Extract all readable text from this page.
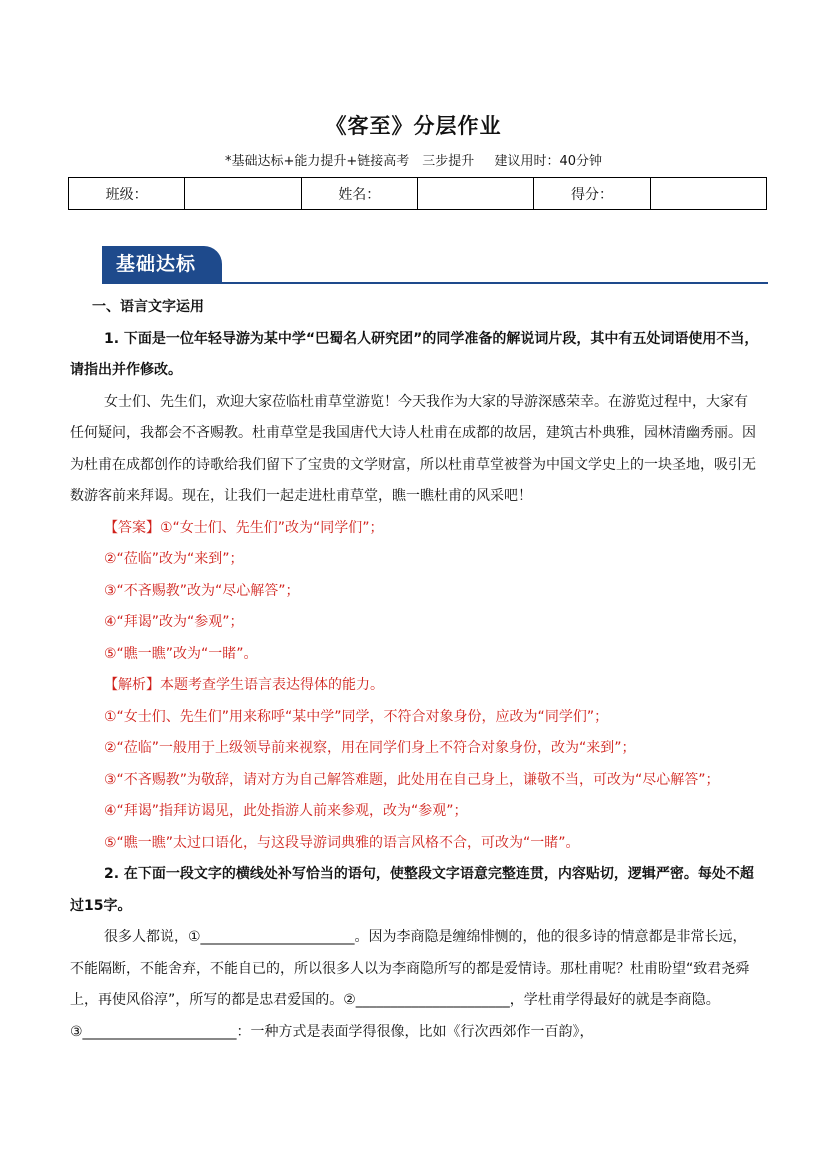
《客至》分层作业
*基础达标+能力提升+链接高考　三步提升 建议用时：40分钟
班级：		姓名：		得分：	
基础达标

一、语言文字运用

1. 下面是一位年轻导游为某中学“巴蜀名人研究团”的同学准备的解说词片段，其中有五处词语使用不当，请指出并作修改。

女士们、先生们，欢迎大家莅临杜甫草堂游览！今天我作为大家的导游深感荣幸。在游览过程中，大家有任何疑问，我都会不吝赐教。杜甫草堂是我国唐代大诗人杜甫在成都的故居，建筑古朴典雅，园林清幽秀丽。因为杜甫在成都创作的诗歌给我们留下了宝贵的文学财富，所以杜甫草堂被誉为中国文学史上的一块圣地，吸引无数游客前来拜谒。现在，让我们一起走进杜甫草堂，瞧一瞧杜甫的风采吧！

【答案】①“女士们、先生们”改为“同学们”；

②“莅临”改为“来到”；

③“不吝赐教”改为“尽心解答”；

④“拜谒”改为“参观”；

⑤“瞧一瞧”改为“一睹”。

【解析】本题考查学生语言表达得体的能力。

①“女士们、先生们”用来称呼“某中学”同学，不符合对象身份，应改为“同学们”；

②“莅临”一般用于上级领导前来视察，用在同学们身上不符合对象身份，改为“来到”；

③“不吝赐教”为敬辞，请对方为自己解答难题，此处用在自己身上，谦敬不当，可改为“尽心解答”；

④“拜谒”指拜访谒见，此处指游人前来参观，改为“参观”；

⑤“瞧一瞧”太过口语化，与这段导游词典雅的语言风格不合，可改为“一睹”。

2. 在下面一段文字的横线处补写恰当的语句，使整段文字语意完整连贯，内容贴切，逻辑严密。每处不超过15字。

很多人都说，①______________________。因为李商隐是缠绵悱恻的，他的很多诗的情意都是非常长远，不能隔断，不能舍弃，不能自已的，所以很多人以为李商隐所写的都是爱情诗。那杜甫呢？杜甫盼望“致君尧舜上，再使风俗淳”，所写的都是忠君爱国的。②______________________，学杜甫学得最好的就是李商隐。③______________________：一种方式是表面学得很像，比如《行次西郊作一百韵》，
